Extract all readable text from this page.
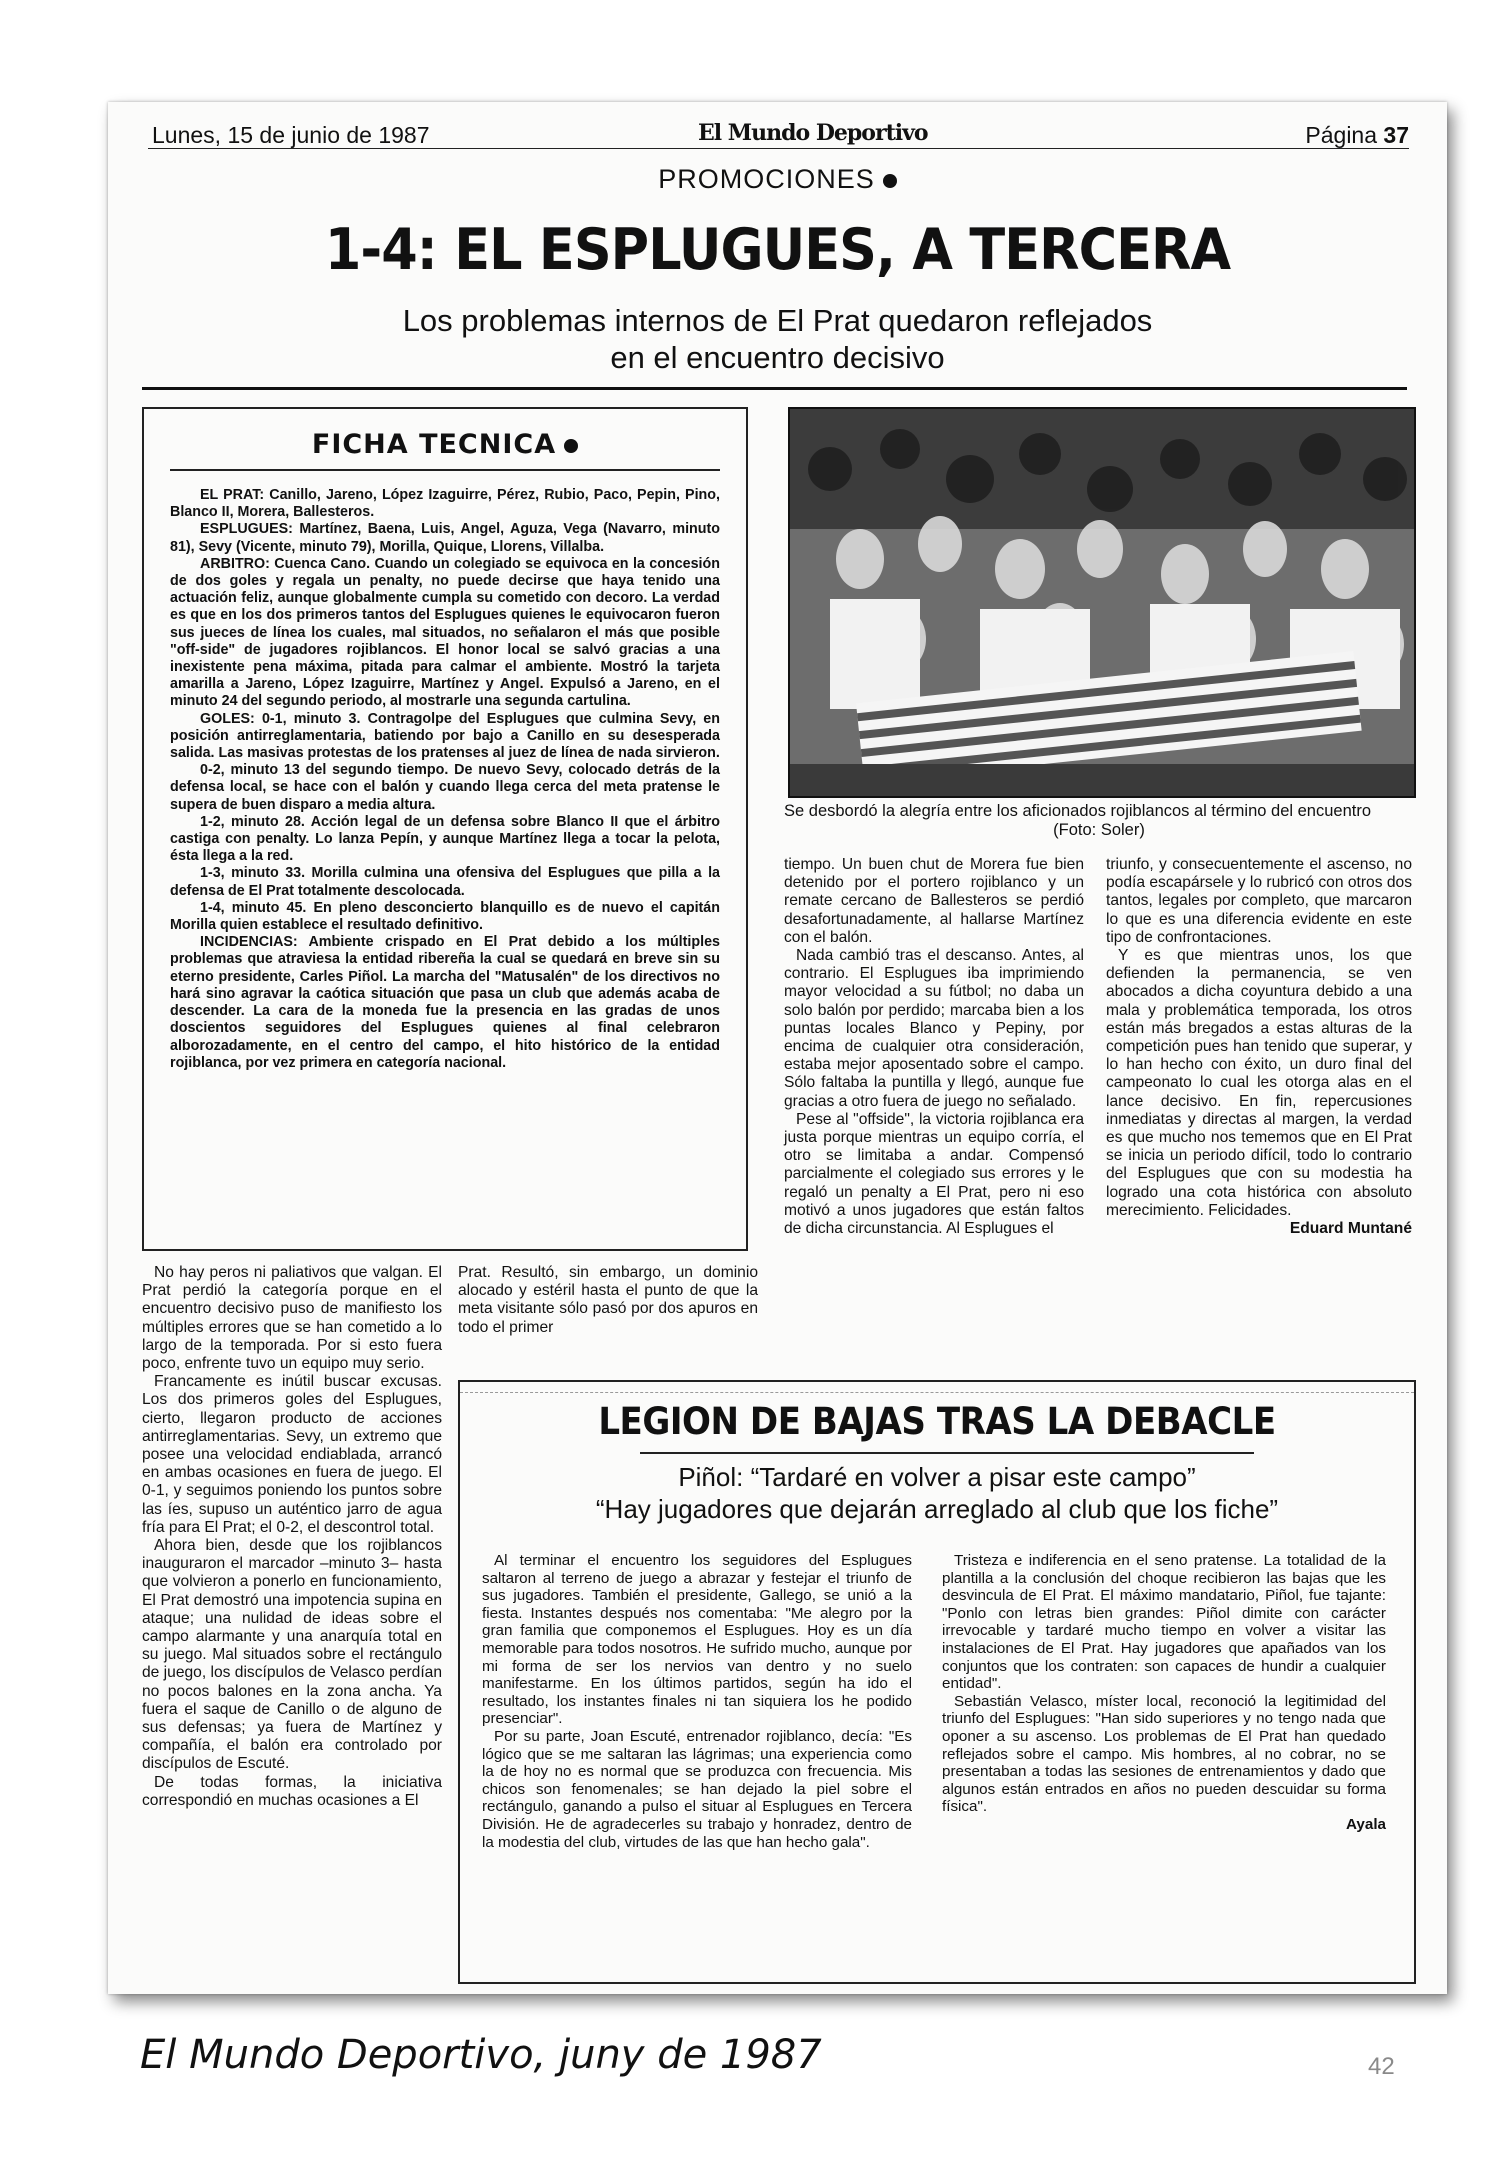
Lunes, 15 de junio de 1987	El Mundo Deportivo	Página 37
PROMOCIONES
1-4: EL ESPLUGUES, A TERCERA
Los problemas internos de El Prat quedaron reflejados
en el encuentro decisivo
FICHA TECNICA

EL PRAT: Canillo, Jareno, López Izaguirre, Pérez, Rubio, Paco, Pepin, Pino, Blanco II, Morera, Ballesteros.

ESPLUGUES: Martínez, Baena, Luis, Angel, Aguza, Vega (Navarro, minuto 81), Sevy (Vicente, minuto 79), Morilla, Quique, Llorens, Villalba.

ARBITRO: Cuenca Cano. Cuando un colegiado se equivoca en la concesión de dos goles y regala un penalty, no puede decirse que haya tenido una actuación feliz, aunque globalmente cumpla su cometido con decoro. La verdad es que en los dos primeros tantos del Esplugues quienes le equivocaron fueron sus jueces de línea los cuales, mal situados, no señalaron el más que posible "off-side" de jugadores rojiblancos. El honor local se salvó gracias a una inexistente pena máxima, pitada para calmar el ambiente. Mostró la tarjeta amarilla a Jareno, López Izaguirre, Martínez y Angel. Expulsó a Jareno, en el minuto 24 del segundo periodo, al mostrarle una segunda cartulina.

GOLES: 0-1, minuto 3. Contragolpe del Esplugues que culmina Sevy, en posición antirreglamentaria, batiendo por bajo a Canillo en su desesperada salida. Las masivas protestas de los pratenses al juez de línea de nada sirvieron.

0-2, minuto 13 del segundo tiempo. De nuevo Sevy, colocado detrás de la defensa local, se hace con el balón y cuando llega cerca del meta pratense le supera de buen disparo a media altura.

1-2, minuto 28. Acción legal de un defensa sobre Blanco II que el árbitro castiga con penalty. Lo lanza Pepín, y aunque Martínez llega a tocar la pelota, ésta llega a la red.

1-3, minuto 33. Morilla culmina una ofensiva del Esplugues que pilla a la defensa de El Prat totalmente descolocada.

1-4, minuto 45. En pleno desconcierto blanquillo es de nuevo el capitán Morilla quien establece el resultado definitivo.

INCIDENCIAS: Ambiente crispado en El Prat debido a los múltiples problemas que atraviesa la entidad ribereña la cual se quedará en breve sin su eterno presidente, Carles Piñol. La marcha del "Matusalén" de los directivos no hará sino agravar la caótica situación que pasa un club que además acaba de descender. La cara de la moneda fue la presencia en las gradas de unos doscientos seguidores del Esplugues quienes al final celebraron alborozadamente, en el centro del campo, el hito histórico de la entidad rojiblanca, por vez primera en categoría nacional.

Se desbordó la alegría entre los aficionados rojiblancos al término del encuentro
(Foto: Soler)

No hay peros ni paliativos que valgan. El Prat perdió la categoría porque en el encuentro decisivo puso de manifiesto los múltiples errores que se han cometido a lo largo de la temporada. Por si esto fuera poco, enfrente tuvo un equipo muy serio.

Francamente es inútil buscar excusas. Los dos primeros goles del Esplugues, cierto, llegaron producto de acciones antirreglamentarias. Sevy, un extremo que posee una velocidad endiablada, arrancó en ambas ocasiones en fuera de juego. El 0-1, y seguimos poniendo los puntos sobre las íes, supuso un auténtico jarro de agua fría para El Prat; el 0-2, el descontrol total.

Ahora bien, desde que los rojiblancos inauguraron el marcador –minuto 3– hasta que volvieron a ponerlo en funcionamiento, El Prat demostró una impotencia supina en ataque; una nulidad de ideas sobre el campo alarmante y una anarquía total en su juego. Mal situados sobre el rectángulo de juego, los discípulos de Velasco perdían no pocos balones en la zona ancha. Ya fuera el saque de Canillo o de alguno de sus defensas; ya fuera de Martínez y compañía, el balón era controlado por discípulos de Escuté.

De todas formas, la iniciativa correspondió en muchas ocasiones a El

Prat. Resultó, sin embargo, un dominio alocado y estéril hasta el punto de que la meta visitante sólo pasó por dos apuros en todo el primer

tiempo. Un buen chut de Morera fue bien detenido por el portero rojiblanco y un remate cercano de Ballesteros se perdió desafortunadamente, al hallarse Martínez con el balón.

Nada cambió tras el descanso. Antes, al contrario. El Esplugues iba imprimiendo mayor velocidad a su fútbol; no daba un solo balón por perdido; marcaba bien a los puntas locales Blanco y Pepiny, por encima de cualquier otra consideración, estaba mejor aposentado sobre el campo. Sólo faltaba la puntilla y llegó, aunque fue gracias a otro fuera de juego no señalado.

Pese al "offside", la victoria rojiblanca era justa porque mientras un equipo corría, el otro se limitaba a andar. Compensó parcialmente el colegiado sus errores y le regaló un penalty a El Prat, pero ni eso motivó a unos jugadores que están faltos de dicha circunstancia. Al Esplugues el

triunfo, y consecuentemente el ascenso, no podía escapársele y lo rubricó con otros dos tantos, legales por completo, que marcaron lo que es una diferencia evidente en este tipo de confrontaciones.

Y es que mientras unos, los que defienden la permanencia, se ven abocados a dicha coyuntura debido a una mala y problemática temporada, los otros están más bregados a estas alturas de la competición pues han tenido que superar, y lo han hecho con éxito, un duro final del campeonato lo cual les otorga alas en el lance decisivo. En fin, repercusiones inmediatas y directas al margen, la verdad es que mucho nos tememos que en El Prat se inicia un periodo difícil, todo lo contrario del Esplugues que con su modestia ha logrado una cota histórica con absoluto merecimiento. Felicidades.

Eduard Muntané
LEGION DE BAJAS TRAS LA DEBACLE
Piñol: “Tardaré en volver a pisar este campo”
“Hay jugadores que dejarán arreglado al club que los fiche”

Al terminar el encuentro los seguidores del Esplugues saltaron al terreno de juego a abrazar y festejar el triunfo de sus jugadores. También el presidente, Gallego, se unió a la fiesta. Instantes después nos comentaba: "Me alegro por la gran familia que componemos el Esplugues. Hoy es un día memorable para todos nosotros. He sufrido mucho, aunque por mi forma de ser los nervios van dentro y no suelo manifestarme. En los últimos partidos, según ha ido el resultado, los instantes finales ni tan siquiera los he podido presenciar".

Por su parte, Joan Escuté, entrenador rojiblanco, decía: "Es lógico que se me saltaran las lágrimas; una experiencia como la de hoy no es normal que se produzca con frecuencia. Mis chicos son fenomenales; se han dejado la piel sobre el rectángulo, ganando a pulso el situar al Esplugues en Tercera División. He de agradecerles su trabajo y honradez, dentro de la modestia del club, virtudes de las que han hecho gala".

Tristeza e indiferencia en el seno pratense. La totalidad de la plantilla a la conclusión del choque recibieron las bajas que les desvincula de El Prat. El máximo mandatario, Piñol, fue tajante: "Ponlo con letras bien grandes: Piñol dimite con carácter irrevocable y tardaré mucho tiempo en volver a visitar las instalaciones de El Prat. Hay jugadores que apañados van los conjuntos que los contraten: son capaces de hundir a cualquier entidad".

Sebastián Velasco, míster local, reconoció la legitimidad del triunfo del Esplugues: "Han sido superiores y no tengo nada que oponer a su ascenso. Los problemas de El Prat han quedado reflejados sobre el campo. Mis hombres, al no cobrar, no se presentaban a todas las sesiones de entrenamientos y dado que algunos están entrados en años no pueden descuidar su forma física".

Ayala
El Mundo Deportivo, juny de 1987	42
